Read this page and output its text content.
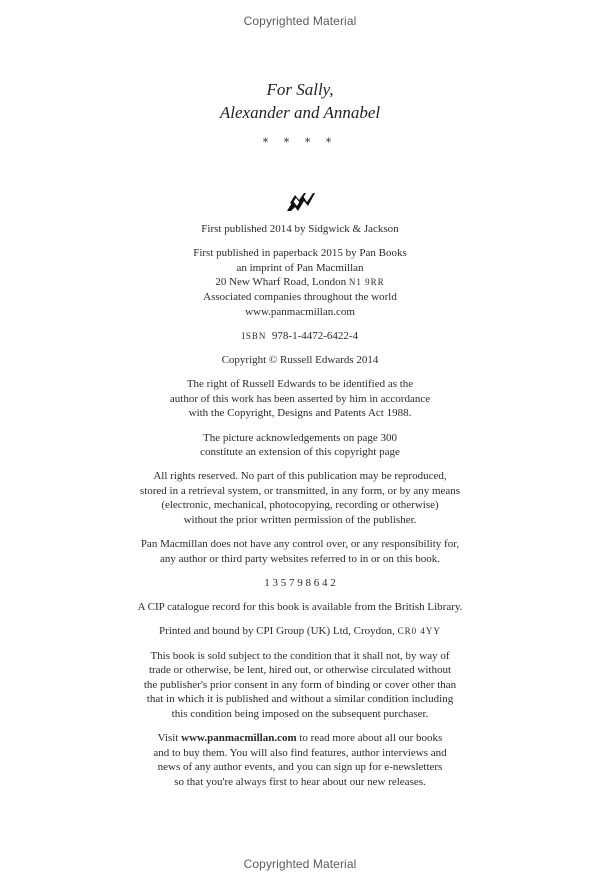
Copyrighted Material
For Sally,
Alexander and Annabel
* * * *

First published 2014 by Sidgwick & Jackson

First published in paperback 2015 by Pan Books
an imprint of Pan Macmillan
20 New Wharf Road, London N1 9RR
Associated companies throughout the world
www.panmacmillan.com

ISBN 978-1-4472-6422-4

Copyright © Russell Edwards 2014

The right of Russell Edwards to be identified as the
author of this work has been asserted by him in accordance
with the Copyright, Designs and Patents Act 1988.

The picture acknowledgements on page 300
constitute an extension of this copyright page

All rights reserved. No part of this publication may be reproduced,
stored in a retrieval system, or transmitted, in any form, or by any means
(electronic, mechanical, photocopying, recording or otherwise)
without the prior written permission of the publisher.

Pan Macmillan does not have any control over, or any responsibility for,
any author or third party websites referred to in or on this book.

1 3 5 7 9 8 6 4 2

A CIP catalogue record for this book is available from the British Library.

Printed and bound by CPI Group (UK) Ltd, Croydon, CR0 4YY

This book is sold subject to the condition that it shall not, by way of
trade or otherwise, be lent, hired out, or otherwise circulated without
the publisher's prior consent in any form of binding or cover other than
that in which it is published and without a similar condition including
this condition being imposed on the subsequent purchaser.

Visit www.panmacmillan.com to read more about all our books
and to buy them. You will also find features, author interviews and
news of any author events, and you can sign up for e-newsletters
so that you're always first to hear about our new releases.

Copyrighted Material
